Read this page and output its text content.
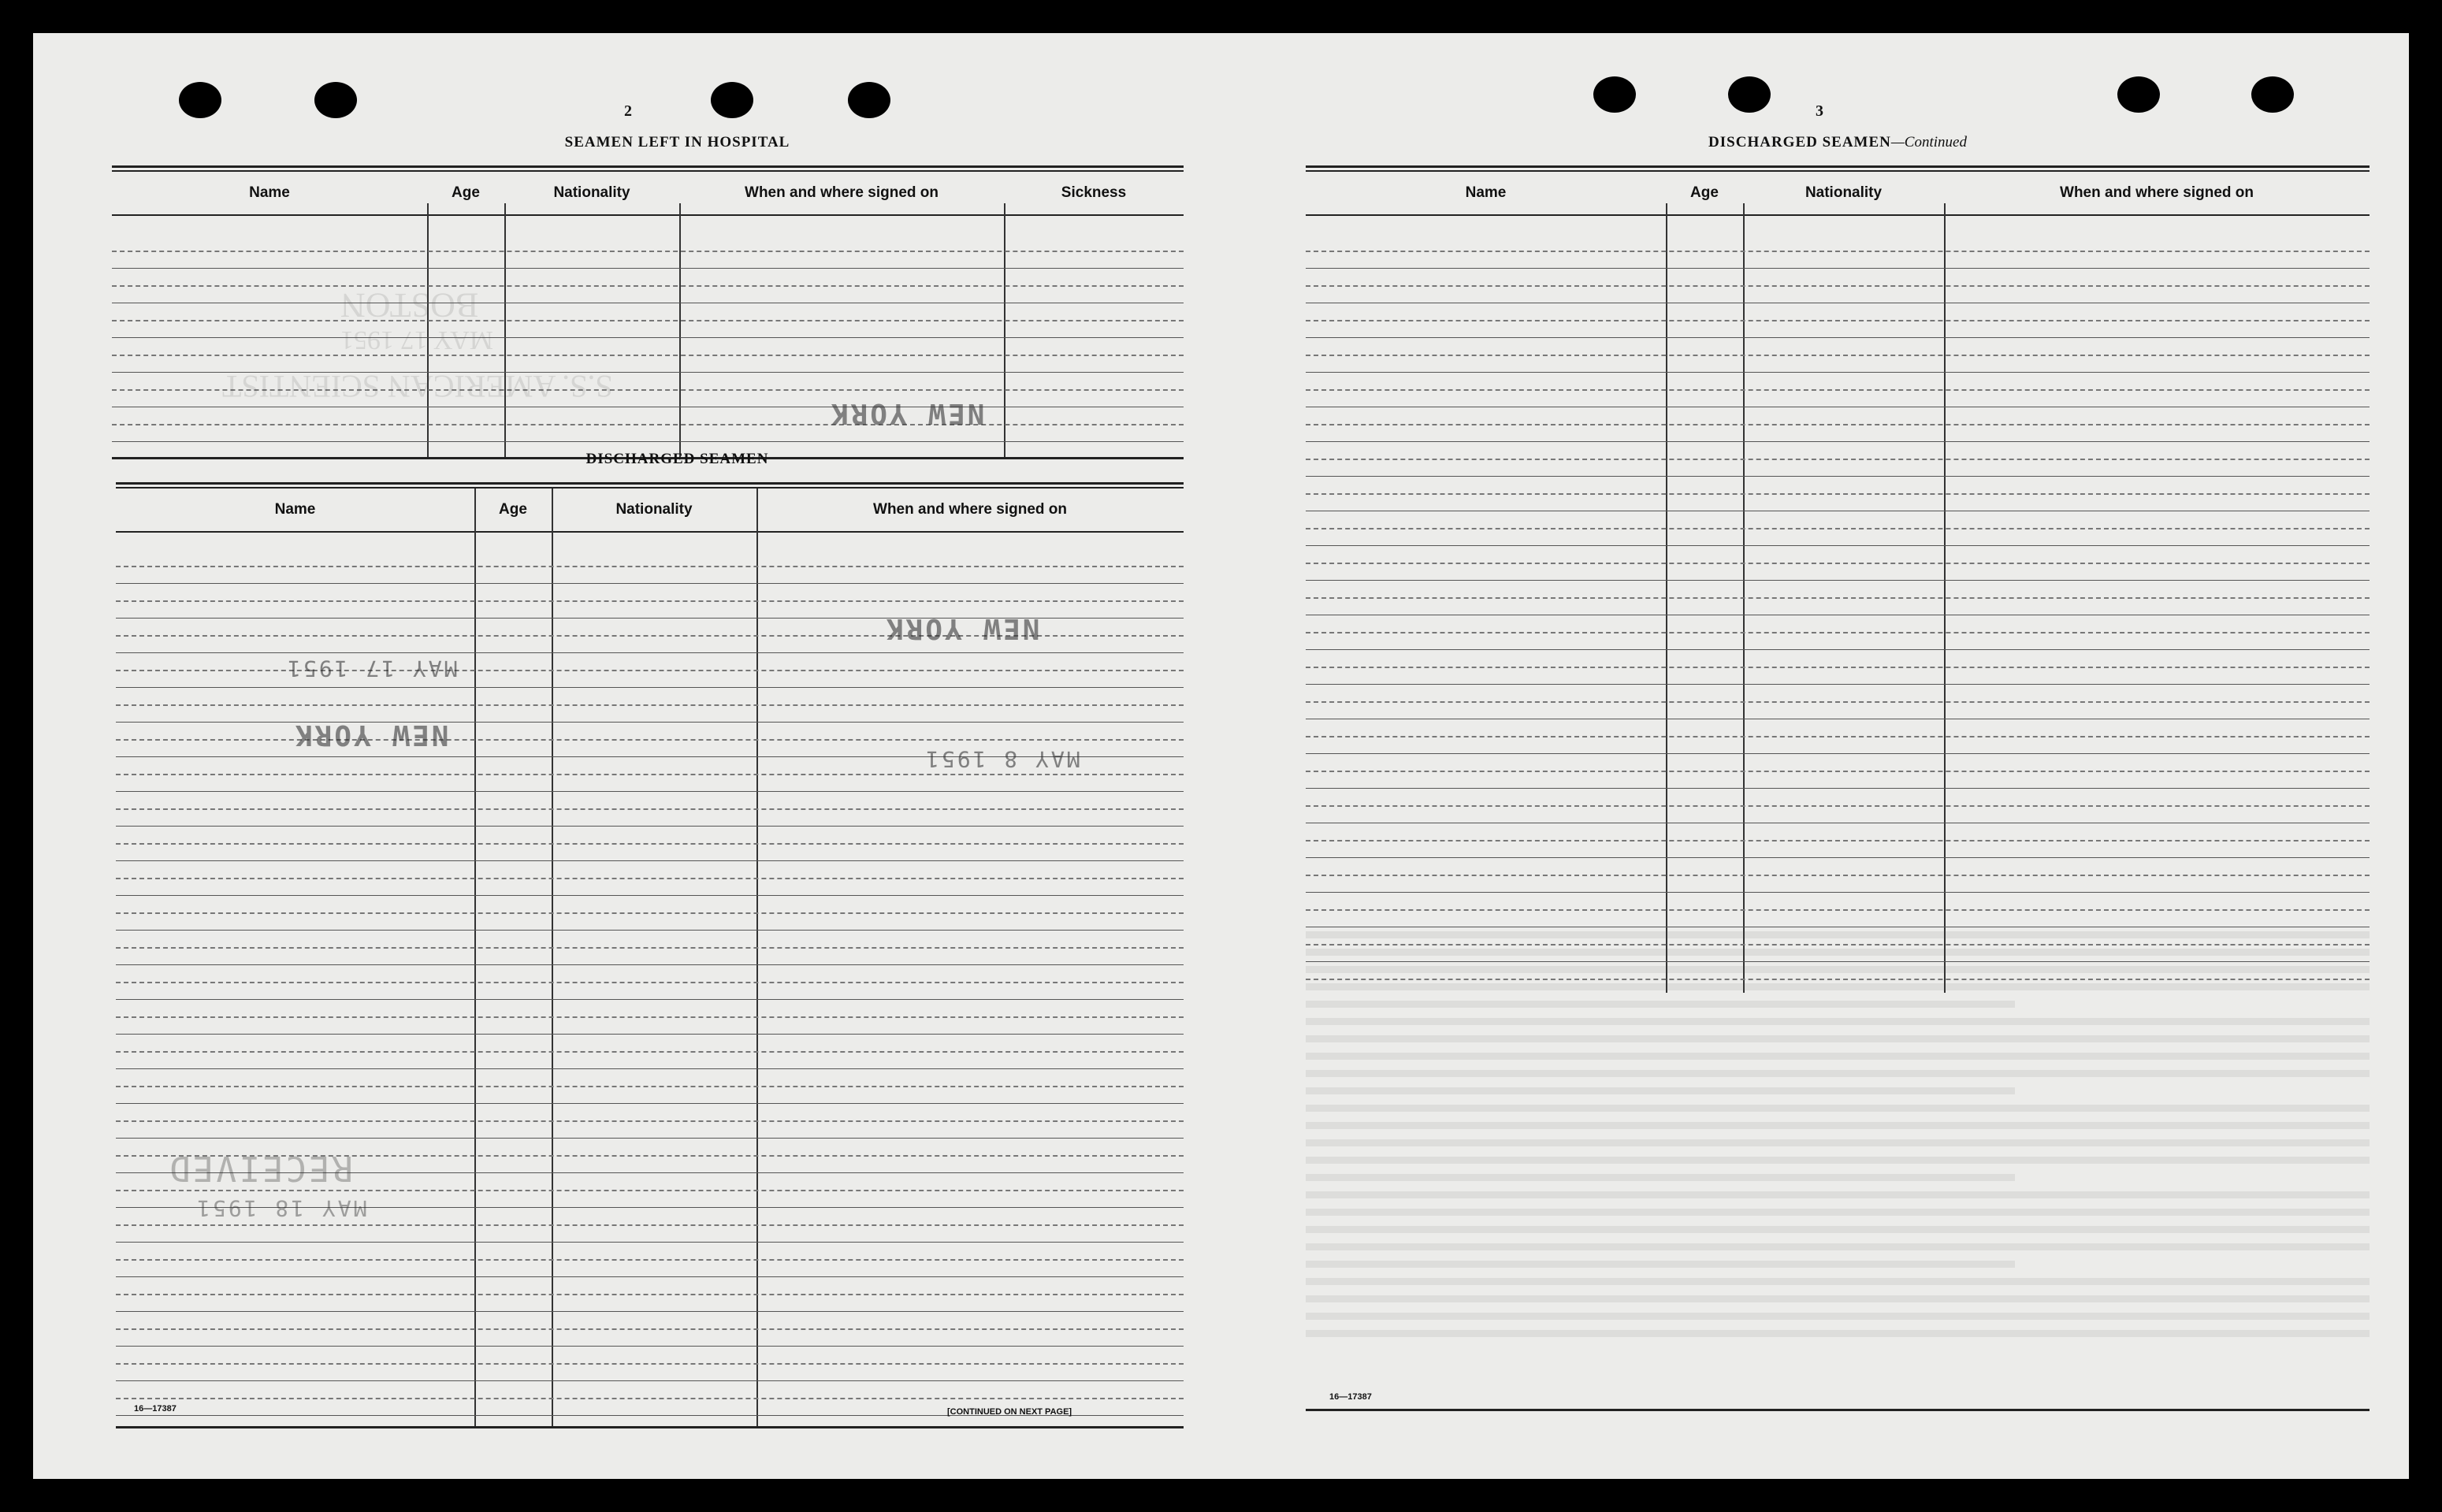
2
SEAMEN LEFT IN HOSPITAL
Name	Age	Nationality	When and where signed on	Sickness
DISCHARGED SEAMEN
Name	Age	Nationality	When and where signed on
16—17387	[CONTINUED ON NEXT PAGE]
NEW YORK
NEW YORK
MAY 8 1951
MAY 17 1951
NEW YORK
RECEIVED
MAY 18 1951
BOSTON
MAY 17 1951
S.S. AMERICAN SCIENTIST
3
DISCHARGED SEAMEN—Continued
Name	Age	Nationality	When and where signed on
16—17387
